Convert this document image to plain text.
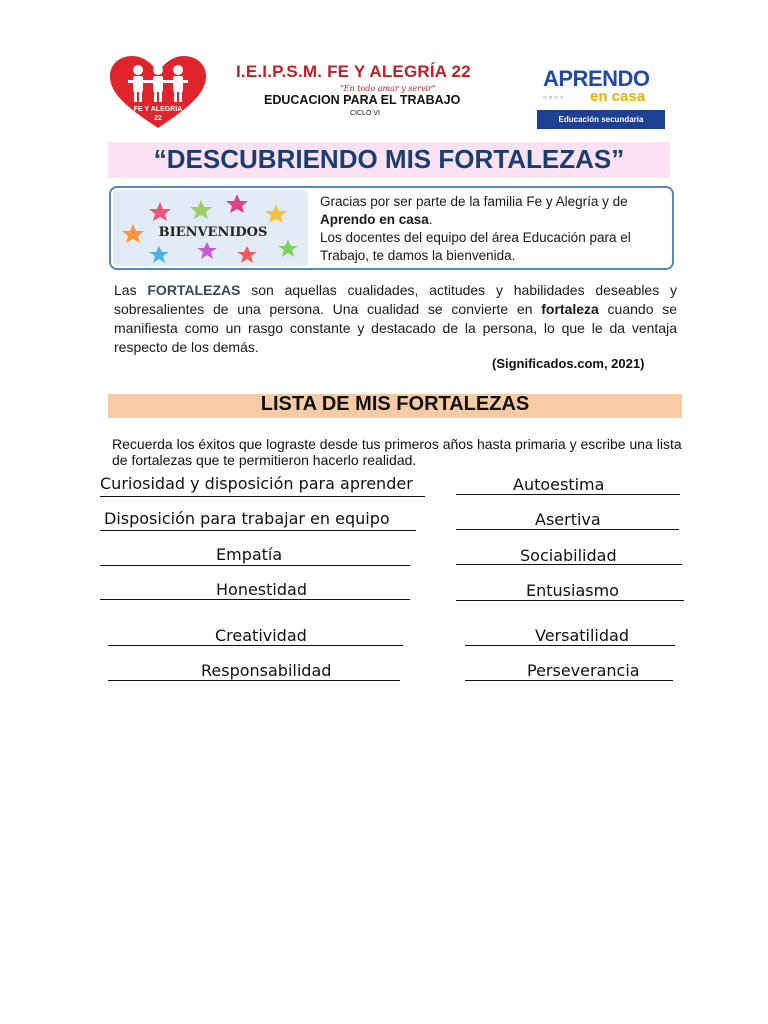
FE Y ALEGRIA
22
I.E.I.P.S.M. FE Y ALEGRÍA 22
"En todo amar y servir"
EDUCACION PARA EL TRABAJO
CICLO VI
APRENDO
○○○○ en casa
Educación secundaria
“DESCUBRIENDO MIS FORTALEZAS”
BIENVENIDOS
Gracias por ser parte de la familia Fe y Alegría y de Aprendo en casa.
Los docentes del equipo del área Educación para el Trabajo, te damos la bienvenida.
Las FORTALEZAS son aquellas cualidades, actitudes y habilidades deseables y sobresalientes de una persona. Una cualidad se convierte en fortaleza cuando se manifiesta como un rasgo constante y destacado de la persona, lo que le da ventaja respecto de los demás.
(Significados.com, 2021)
LISTA DE MIS FORTALEZAS
Recuerda los éxitos que lograste desde tus primeros años hasta primaria y escribe una lista de fortalezas que te permitieron hacerlo realidad.
Curiosidad y disposición para aprender
Disposición para trabajar en equipo
Empatía
Honestidad
Creatividad
Responsabilidad
Autoestima
Asertiva
Sociabilidad
Entusiasmo
Versatilidad
Perseverancia
